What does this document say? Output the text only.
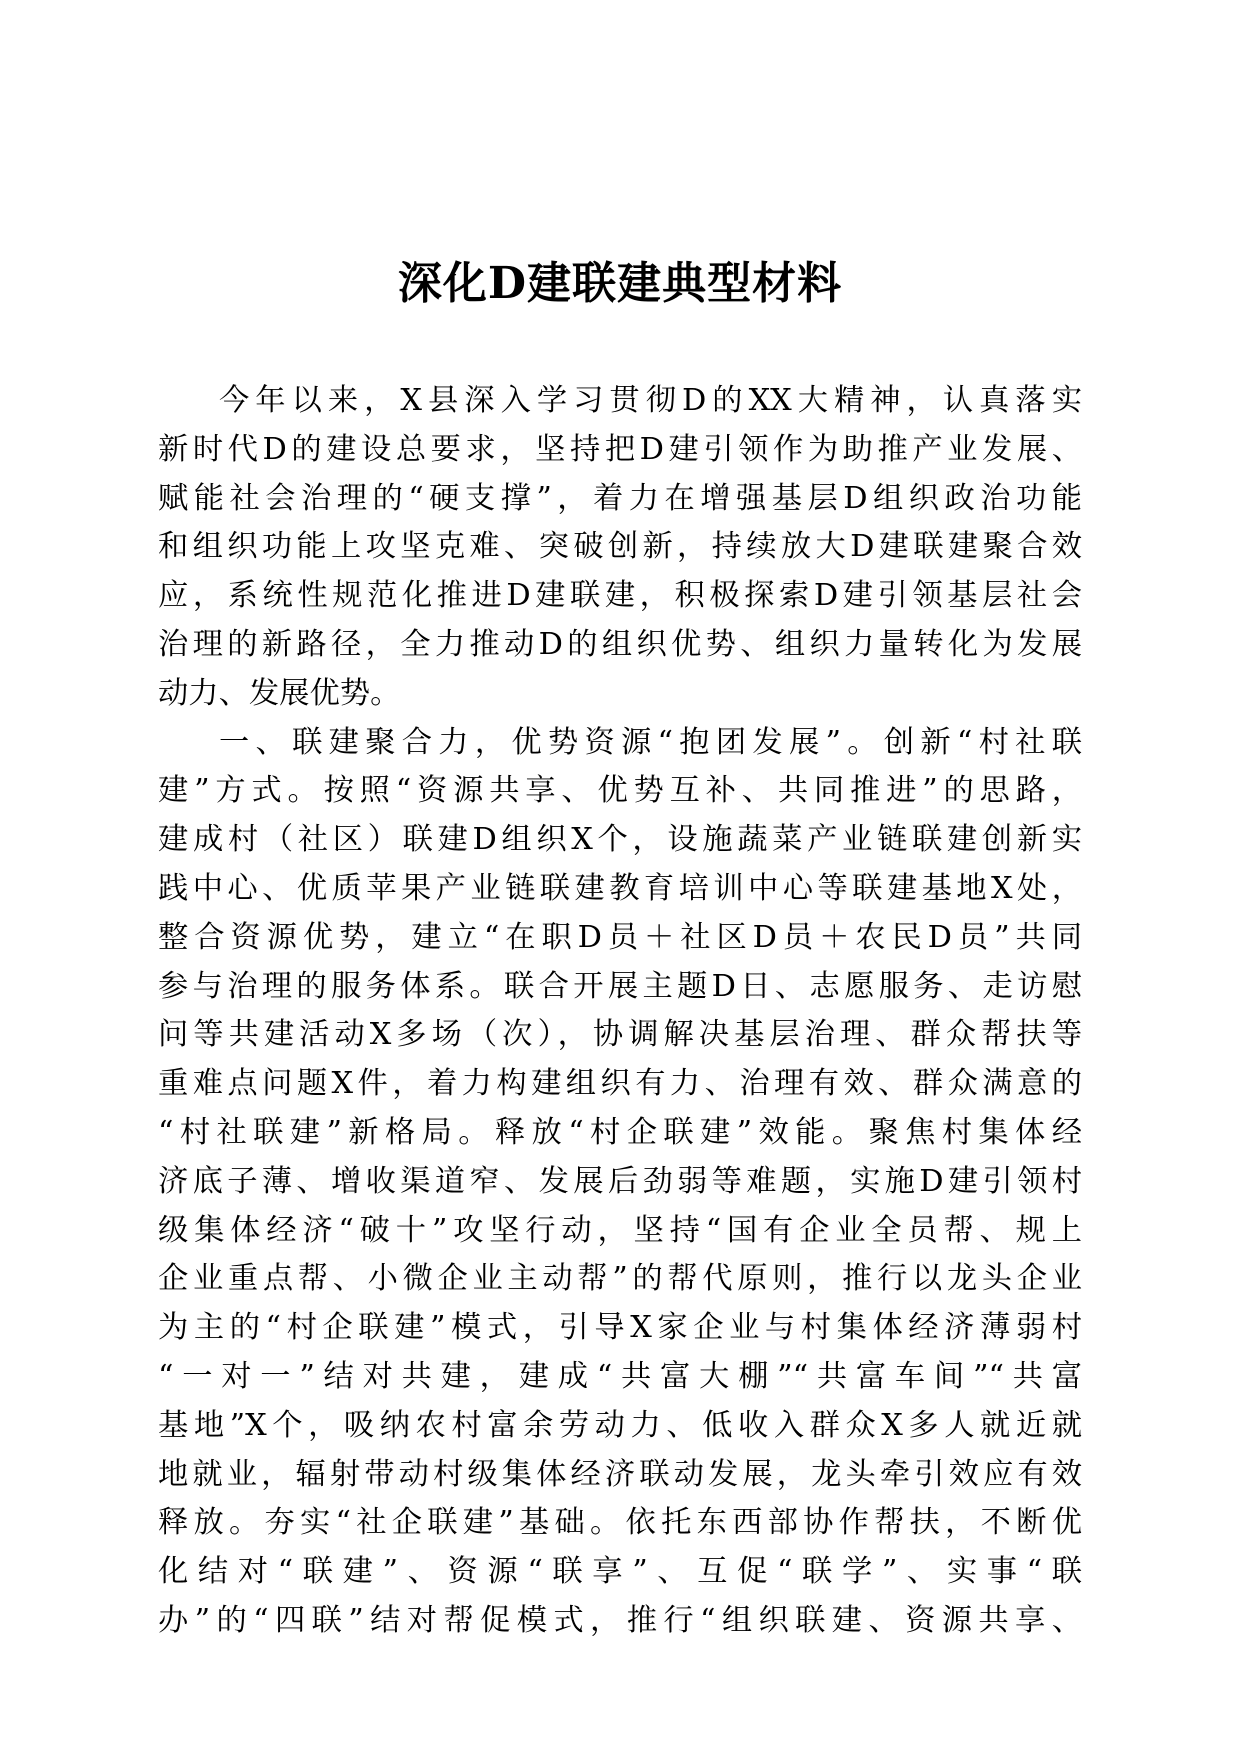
深化D建联建典型材料
今年以来，X县深入学习贯彻D的XX大精神，认真落实
新时代D的建设总要求，坚持把D建引领作为助推产业发展、
赋能社会治理的“硬支撑”，着力在增强基层D组织政治功能
和组织功能上攻坚克难、突破创新，持续放大D建联建聚合效
应，系统性规范化推进D建联建，积极探索D建引领基层社会
治理的新路径，全力推动D的组织优势、组织力量转化为发展
动力、发展优势。
一、联建聚合力，优势资源“抱团发展”。创新“村社联
建”方式。按照“资源共享、优势互补、共同推进”的思路，
建成村（社区）联建D组织X个，设施蔬菜产业链联建创新实
践中心、优质苹果产业链联建教育培训中心等联建基地X处，
整合资源优势，建立“在职D员＋社区D员＋农民D员”共同
参与治理的服务体系。联合开展主题D日、志愿服务、走访慰
问等共建活动X多场（次），协调解决基层治理、群众帮扶等
重难点问题X件，着力构建组织有力、治理有效、群众满意的
“村社联建”新格局。释放“村企联建”效能。聚焦村集体经
济底子薄、增收渠道窄、发展后劲弱等难题，实施D建引领村
级集体经济“破十”攻坚行动，坚持“国有企业全员帮、规上
企业重点帮、小微企业主动帮”的帮代原则，推行以龙头企业
为主的“村企联建”模式，引导X家企业与村集体经济薄弱村
“一对一”结对共建，建成“共富大棚”“共富车间”“共富
基地”X个，吸纳农村富余劳动力、低收入群众X多人就近就
地就业，辐射带动村级集体经济联动发展，龙头牵引效应有效
释放。夯实“社企联建”基础。依托东西部协作帮扶，不断优
化结对“联建”、资源“联享”、互促“联学”、实事“联
办”的“四联”结对帮促模式，推行“组织联建、资源共享、
